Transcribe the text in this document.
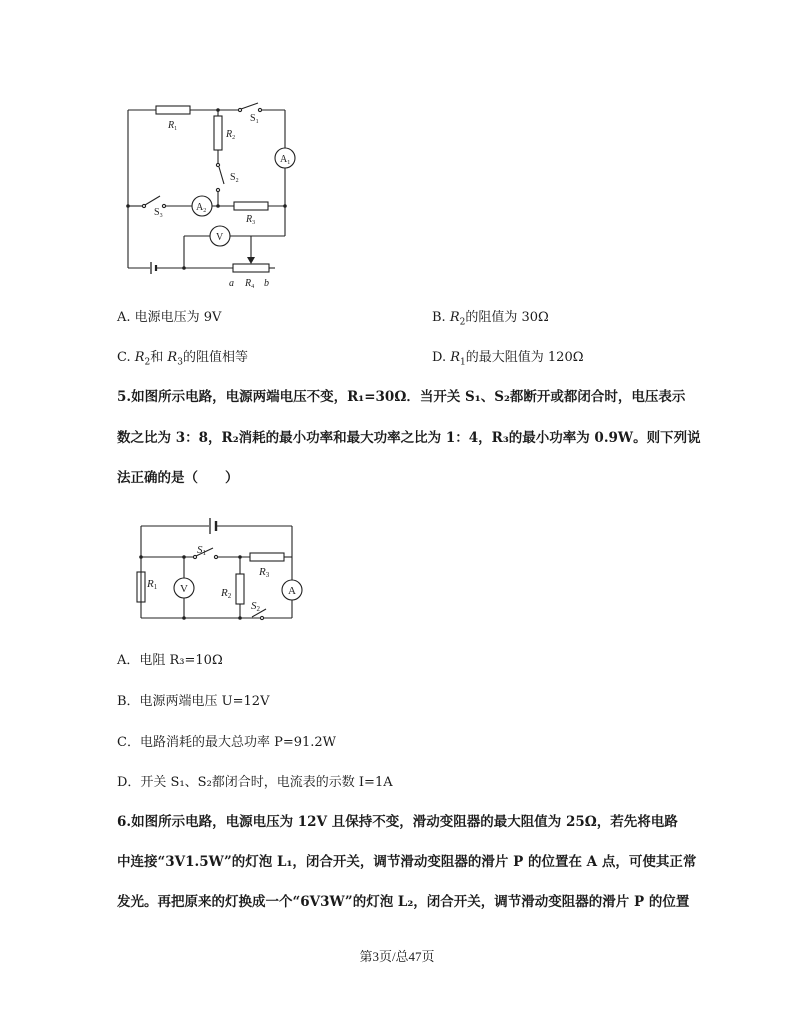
$R_1$	$R_2$
$S_1$
$A_1$
$S_2$
$S_3$
$A_2$
$R_3$
V
a $R_4$ b
A. 电源电压为 9V	B. $R_2$的阻值为 30Ω
C. $R_2$和 $R_3$的阻值相等	D. $R_1$的最大阻值为 120Ω
5.如图所示电路，电源两端电压不变，R₁=30Ω．当开关 S₁、S₂都断开或都闭合时，电压表示
数之比为 3：8，R₂消耗的最小功率和最大功率之比为 1：4，R₃的最小功率为 0.9W。则下列说
法正确的是（　　）
R1 V
S1
R2
R3
A
S2
A．电阻 R₃=10Ω
B．电源两端电压 U=12V
C．电路消耗的最大总功率 P=91.2W
D．开关 S₁、S₂都闭合时，电流表的示数 I=1A
6.如图所示电路，电源电压为 12V 且保持不变，滑动变阻器的最大阻值为 25Ω，若先将电路
中连接“3V1.5W”的灯泡 L₁，闭合开关，调节滑动变阻器的滑片 P 的位置在 A 点，可使其正常
发光。再把原来的灯换成一个“6V3W”的灯泡 L₂，闭合开关，调节滑动变阻器的滑片 P 的位置
第3页/总47页
